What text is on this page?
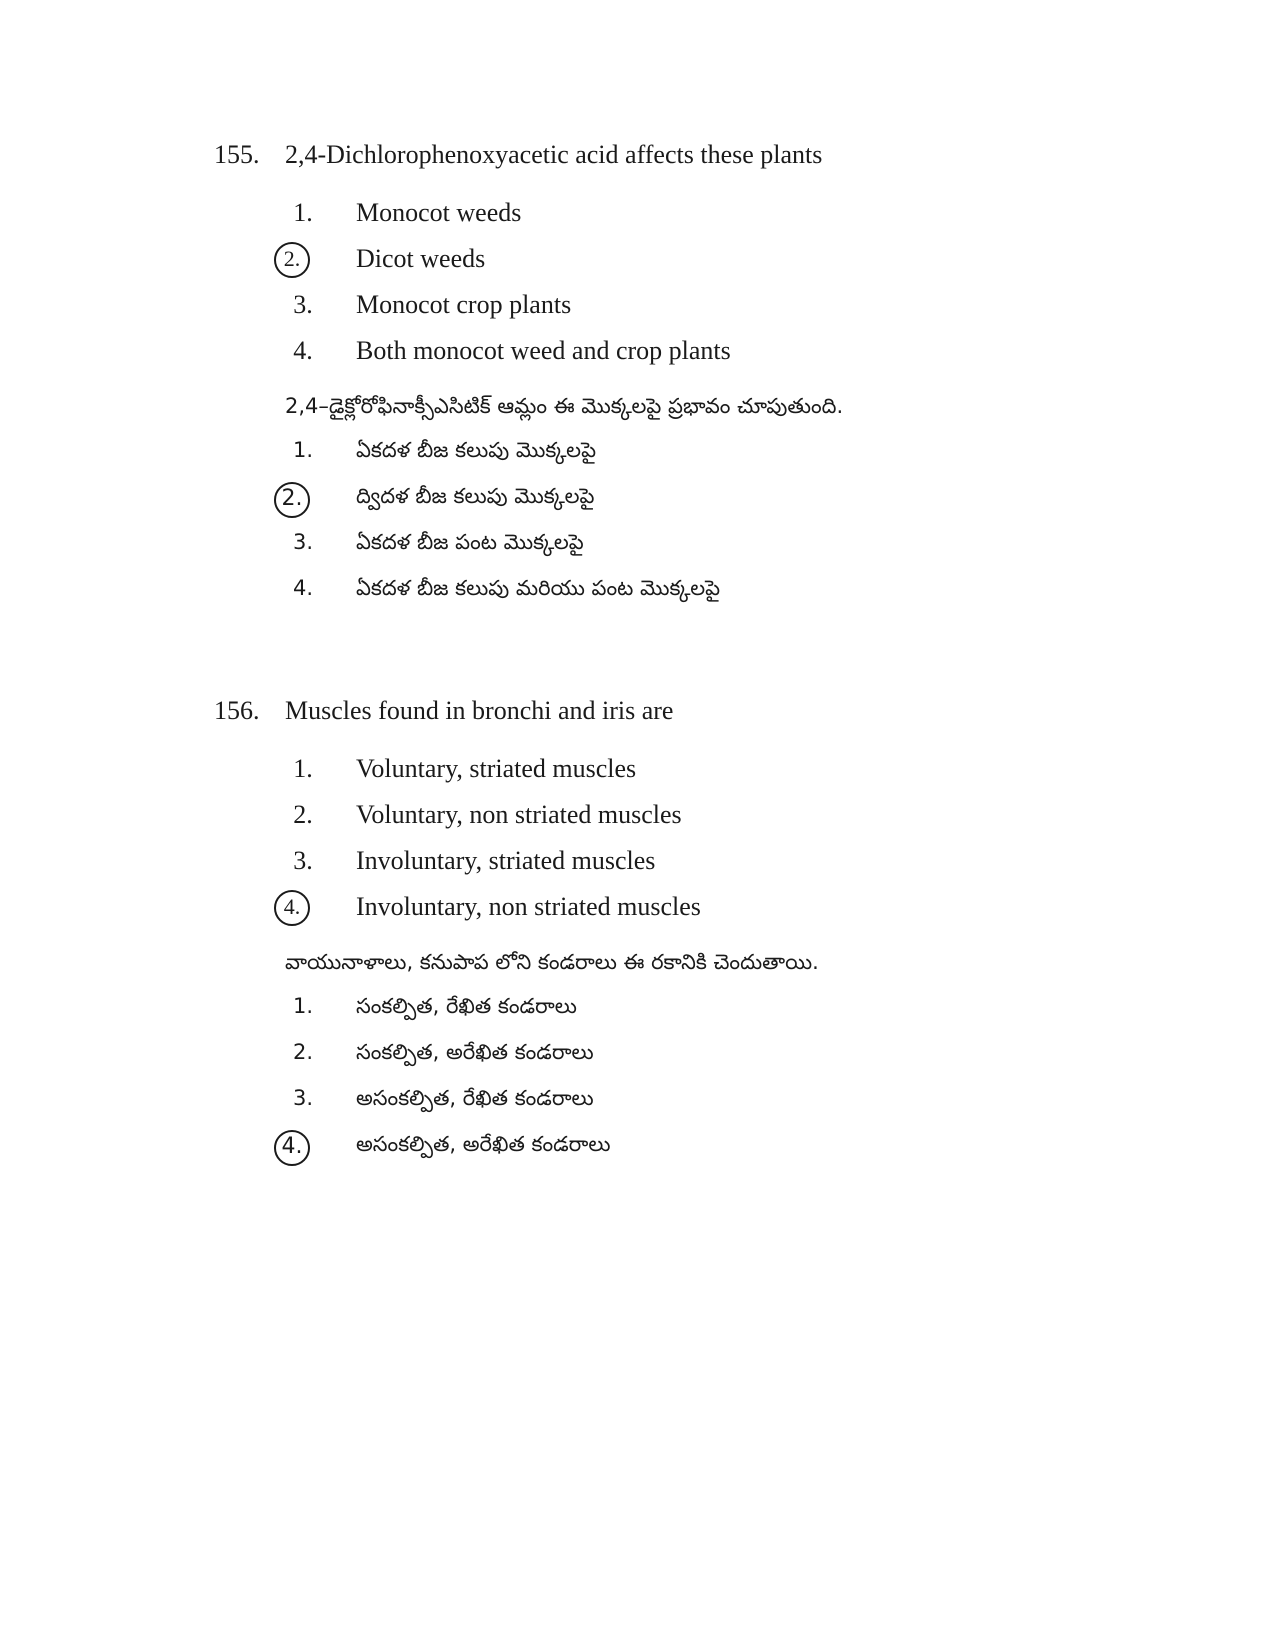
155. 2,4-Dichlorophenoxyacetic acid affects these plants
1.	Monocot weeds
2.	Dicot weeds
3.	Monocot crop plants
4.	Both monocot weed and crop plants
2,4–డైక్లోరోఫినాక్సీఎసిటిక్ ఆమ్లం ఈ మొక్కలపై ప్రభావం చూపుతుంది.
1.	ఏకదళ బీజ కలుపు మొక్కలపై
2.	ద్విదళ బీజ కలుపు మొక్కలపై
3.	ఏకదళ బీజ పంట మొక్కలపై
4.	ఏకదళ బీజ కలుపు మరియు పంట మొక్కలపై
156. Muscles found in bronchi and iris are
1.	Voluntary, striated muscles
2.	Voluntary, non striated muscles
3.	Involuntary, striated muscles
4.	Involuntary, non striated muscles
వాయునాళాలు, కనుపాప లోని కండరాలు ఈ రకానికి చెందుతాయి.
1.	సంకల్పిత, రేఖిత కండరాలు
2.	సంకల్పిత, అరేఖిత కండరాలు
3.	అసంకల్పిత, రేఖిత కండరాలు
4.	అసంకల్పిత, అరేఖిత కండరాలు
